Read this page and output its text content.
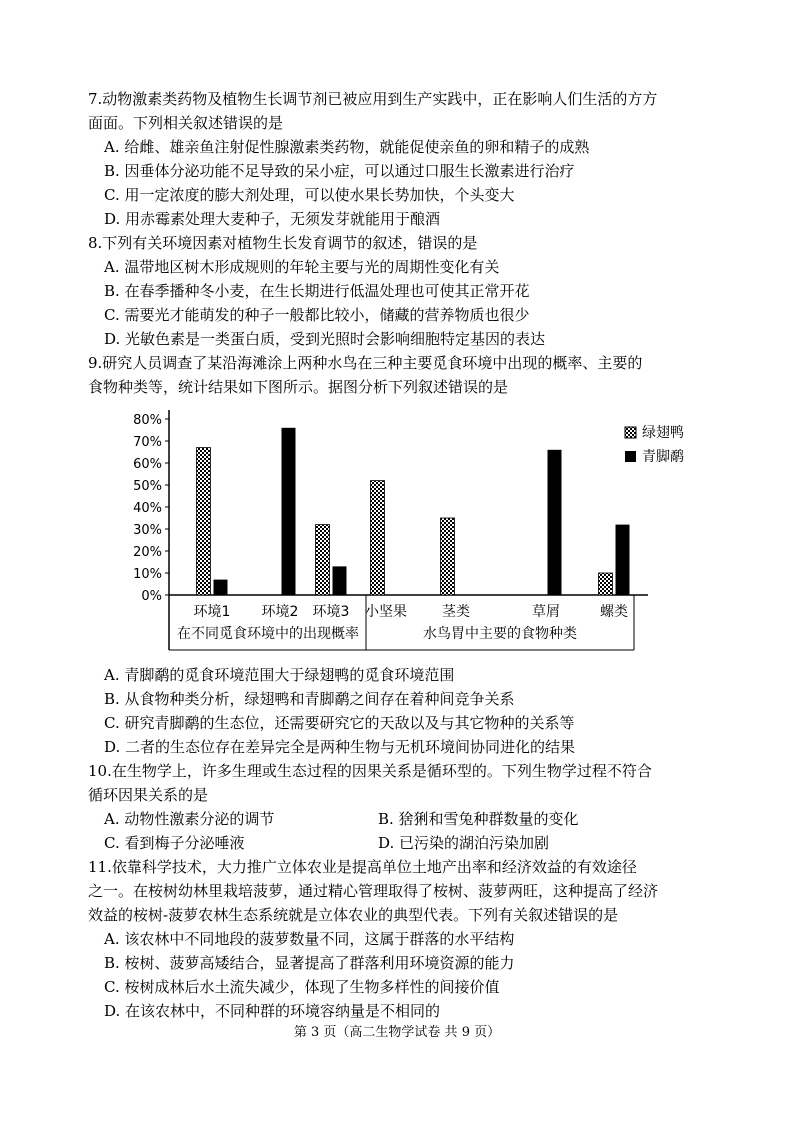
7.动物激素类药物及植物生长调节剂已被应用到生产实践中，正在影响人们生活的方方
面面。下列相关叙述错误的是
A. 给雌、雄亲鱼注射促性腺激素类药物，就能促使亲鱼的卵和精子的成熟
B. 因垂体分泌功能不足导致的呆小症，可以通过口服生长激素进行治疗
C. 用一定浓度的膨大剂处理，可以使水果长势加快，个头变大
D. 用赤霉素处理大麦种子，无须发芽就能用于酿酒
8.下列有关环境因素对植物生长发育调节的叙述，错误的是
A. 温带地区树木形成规则的年轮主要与光的周期性变化有关
B. 在春季播种冬小麦，在生长期进行低温处理也可使其正常开花
C. 需要光才能萌发的种子一般都比较小，储藏的营养物质也很少
D. 光敏色素是一类蛋白质，受到光照时会影响细胞特定基因的表达
9.研究人员调查了某沿海滩涂上两种水鸟在三种主要觅食环境中出现的概率、主要的
食物种类等，统计结果如下图所示。据图分析下列叙述错误的是
80%
70%
60%
50%
40%
30%
20%
10%
0%
环境1 环境2 环境3 小坚果	茎类	草屑	螺类
在不同觅食环境中的出现概率	水鸟胃中主要的食物种类
绿翅鸭
青脚鹬
A. 青脚鹬的觅食环境范围大于绿翅鸭的觅食环境范围
B. 从食物种类分析，绿翅鸭和青脚鹬之间存在着种间竞争关系
C. 研究青脚鹬的生态位，还需要研究它的天敌以及与其它物种的关系等
D. 二者的生态位存在差异完全是两种生物与无机环境间协同进化的结果
10.在生物学上，许多生理或生态过程的因果关系是循环型的。下列生物学过程不符合
循环因果关系的是
A. 动物性激素分泌的调节	B. 猞猁和雪兔种群数量的变化
C. 看到梅子分泌唾液	D. 已污染的湖泊污染加剧
11.依靠科学技术，大力推广立体农业是提高单位土地产出率和经济效益的有效途径
之一。在桉树幼林里栽培菠萝，通过精心管理取得了桉树、菠萝两旺，这种提高了经济
效益的桉树-菠萝农林生态系统就是立体农业的典型代表。下列有关叙述错误的是
A. 该农林中不同地段的菠萝数量不同，这属于群落的水平结构
B. 桉树、菠萝高矮结合，显著提高了群落利用环境资源的能力
C. 桉树成林后水土流失减少，体现了生物多样性的间接价值
D. 在该农林中，不同种群的环境容纳量是不相同的
第 3 页（高二生物学试卷 共 9 页）
